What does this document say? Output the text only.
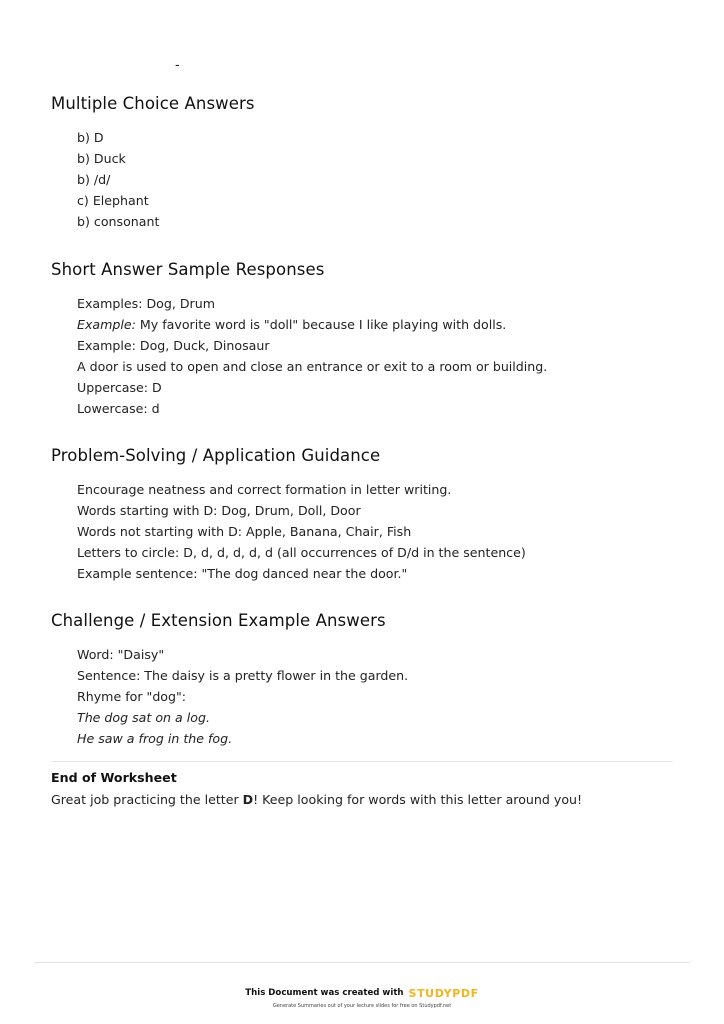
-
Multiple Choice Answers
b) D
b) Duck
b) /d/
c) Elephant
b) consonant
Short Answer Sample Responses
Examples: Dog, Drum
Example: My favorite word is "doll" because I like playing with dolls.
Example: Dog, Duck, Dinosaur
A door is used to open and close an entrance or exit to a room or building.
Uppercase: D
Lowercase: d
Problem-Solving / Application Guidance
Encourage neatness and correct formation in letter writing.
Words starting with D: Dog, Drum, Doll, Door
Words not starting with D: Apple, Banana, Chair, Fish
Letters to circle: D, d, d, d, d, d (all occurrences of D/d in the sentence)
Example sentence: "The dog danced near the door."
Challenge / Extension Example Answers
Word: "Daisy"
Sentence: The daisy is a pretty flower in the garden.
Rhyme for "dog":
The dog sat on a log.
He saw a frog in the fog.
End of Worksheet
Great job practicing the letter D! Keep looking for words with this letter around you!
This Document was created with STUDYPDF
Generate Summaries out of your lecture slides for free on Studypdf.net
